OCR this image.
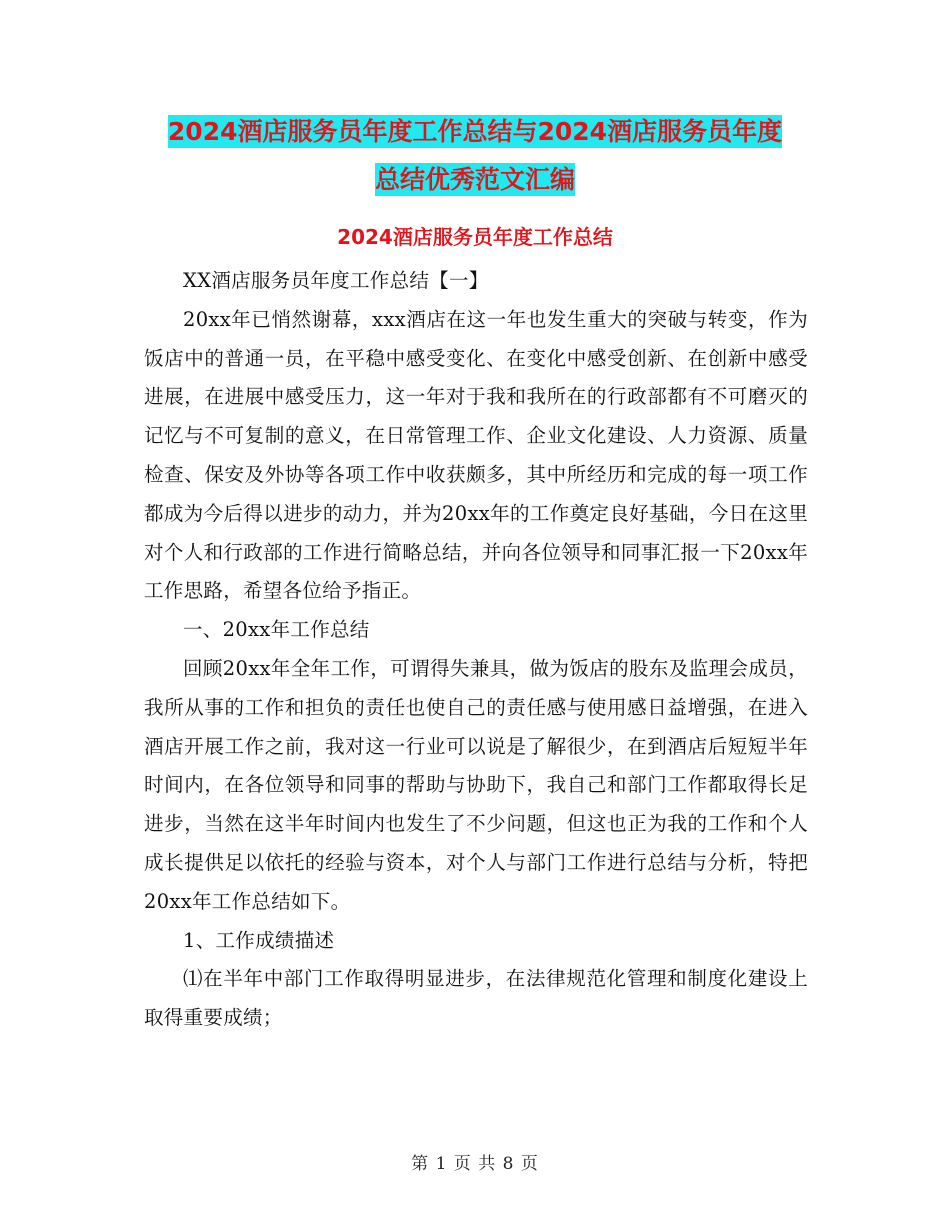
2024酒店服务员年度工作总结与2024酒店服务员年度
总结优秀范文汇编
2024酒店服务员年度工作总结

XX酒店服务员年度工作总结【一】

20xx年已悄然谢幕，xxx酒店在这一年也发生重大的突破与转变，作为饭店中的普通一员，在平稳中感受变化、在变化中感受创新、在创新中感受进展，在进展中感受压力，这一年对于我和我所在的行政部都有不可磨灭的记忆与不可复制的意义，在日常管理工作、企业文化建设、人力资源、质量检查、保安及外协等各项工作中收获颇多，其中所经历和完成的每一项工作都成为今后得以进步的动力，并为20xx年的工作奠定良好基础，今日在这里对个人和行政部的工作进行简略总结，并向各位领导和同事汇报一下20xx年工作思路，希望各位给予指正。

一、20xx年工作总结

回顾20xx年全年工作，可谓得失兼具，做为饭店的股东及监理会成员，我所从事的工作和担负的责任也使自己的责任感与使用感日益增强，在进入酒店开展工作之前，我对这一行业可以说是了解很少，在到酒店后短短半年时间内，在各位领导和同事的帮助与协助下，我自己和部门工作都取得长足进步，当然在这半年时间内也发生了不少问题，但这也正为我的工作和个人成长提供足以依托的经验与资本，对个人与部门工作进行总结与分析，特把20xx年工作总结如下。

1、工作成绩描述

⑴在半年中部门工作取得明显进步，在法律规范化管理和制度化建设上取得重要成绩；

第 1 页 共 8 页
